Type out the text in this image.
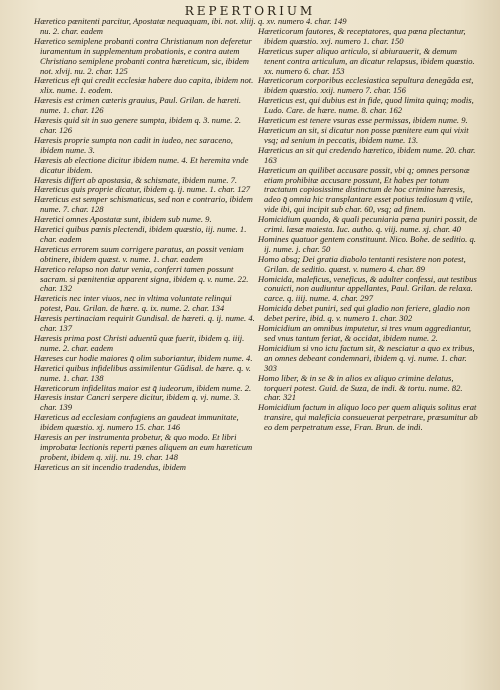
REPERTORIUM

Hæretico pœnitenti parcitur, Apostatæ nequaquam, ibi. not. xliij. nu. 2. char. eadem

Hæretico semiplene probanti contra Christianum non deferetur iuramentum in supplementum probationis, e contra autem Christiano semiplene probanti contra hæreticum, sic, ibidem not. xlvij. nu. 2. char. 125

Hæreticus eft qui credit ecclesiæ habere duo capita, ibidem not. xlix. nume. 1. eodem.

Hæresis est crimen cæteris grauius, Paul. Grilan. de hæreti. nume. 1. char. 126

Hæresis quid sit in suo genere sumpta, ibidem q. 3. nume. 2. char. 126

Hæresis proprie sumpta non cadit in iudeo, nec saraceno, ibidem nume. 3.

Hæresis ab electione dicitur ibidem nume. 4. Et heremita vnde dicatur ibidem.

Hæresis differt ab apostasia, & schismate, ibidem nume. 7.

Hæreticus quis proprie dicatur, ibidem q. ij. nume. 1. char. 127

Hæreticus est semper schismaticus, sed non e contrario, ibidem nume. 7. char. 128

Hæretici omnes Apostatæ sunt, ibidem sub nume. 9.

Hæretici quibus pœnis plectendi, ibidem quæstio, iij. nume. 1. char. eadem

Hæreticus errorem suum corrigere paratus, an possit veniam obtinere, ibidem quæst. v. nume. 1. char. eadem

Hæretico relapso non datur venia, conferri tamen possunt sacram. si pœnitentiæ apparent signa, ibidem q. v. nume. 22. char. 132

Hæreticis nec inter viuos, nec in vltima voluntate relinqui potest, Pau. Grilan. de hære. q. ix. nume. 2. char. 134

Hæresis pertinaciam requirit Gundisal. de hæreti. q. ij. nume. 4. char. 137

Hæresis prima post Christi aduentū quæ fuerit, ibidem q. iiij. nume. 2. char. eadem

Hæreses cur hodie maiores q̄ olim suboriantur, ibidem nume. 4.

Hæretici quibus infidelibus assimilentur Gūdisal. de hære. q. v. nume. 1. char. 138

Hæreticorum infidelitas maior est q̄ iudeorum, ibidem nume. 2.

Hæresis instar Cancri serpere dicitur, ibidem q. vj. nume. 3. char. 139

Hæreticus ad ecclesiam confugiens an gaudeat immunitate, ibidem quæstio. xj. numero 15. char. 146

Hæresis an per instrumenta probetur, & quo modo. Et libri improbatæ lectionis reperti pœnes aliquem an eum hæreticum probent, ibidem q. xiij. nu. 19. char. 148

Hæreticus an sit incendio tradendus, ibidem

q. xv. numero 4. char. 149

Hæreticorum fautores, & receptatores, qua pœna plectantur, ibidem quæstio. xvj. numero 1. char. 150

Hæreticus super aliquo articulo, si abiurauerit, & demum tenent contra articulum, an dicatur relapsus, ibidem quæstio. xx. numero 6. char. 153

Hæreticorum corporibus ecclesiastica sepultura denegāda est, ibidem quæstio. xxij. numero 7. char. 156

Hæreticus est, qui dubius est in fide, quod limita quinq; modis, Ludo. Care. de hære. nume. 8. char. 162

Hæreticum est tenere vsuras esse permissas, ibidem nume. 9.

Hæreticum an sit, si dicatur non posse pœnitere eum qui vixit vsq; ad senium in peccatis, ibidem nume. 13.

Hæreticus an sit qui credendo hæretico, ibidem nume. 20. char. 163

Hæreticum an quilibet accusare possit, vbi q; omnes personæ etiam prohibitæ accusare possunt, Et habes per totum tractatum copiosissime distinctum de hoc crimine hæresis, adeo q̄ omnia hic transplantare esset potius tediosum q̄ vtile, vide ibi, qui incipit sub char. 60, vsq; ad finem.

Homicidium quando, & quali pecuniaria pœna puniri possit, de crimi. læsæ maiesta. Iuc. autho. q. viij. nume. xj. char. 40

Homines quatuor gentem constituunt. Nico. Bohe. de seditio. q. ij. nume. j. char. 50

Homo absq; Dei gratia diabolo tentanti resistere non potest, Grilan. de seditio. quæst. v. numero 4. char. 89

Homicida, maleficus, veneficus, & adulter confessi, aut testibus conuicti, non audiuntur appellantes, Paul. Grilan. de relaxa. carce. q. iiij. nume. 4. char. 297

Homicida debet puniri, sed qui gladio non feriere, gladio non debet perire, ibid. q. v. numero 1. char. 302

Homicidium an omnibus imputetur, si tres vnum aggrediantur, sed vnus tantum feriat, & occidat, ibidem nume. 2.

Homicidium si vno ictu factum sit, & nesciatur a quo ex tribus, an omnes debeant condemnari, ibidem q. vj. nume. 1. char. 303

Homo liber, & in se & in alios ex aliquo crimine delatus, torqueri potest. Guid. de Suza, de indi. & tortu. nume. 82. char. 321

Homicidium factum in aliquo loco per quem aliquis solitus erat transire, qui maleficia consueuerat perpetrare, præsumitur ab eo dem perpetratum esse, Fran. Brun. de indi.
